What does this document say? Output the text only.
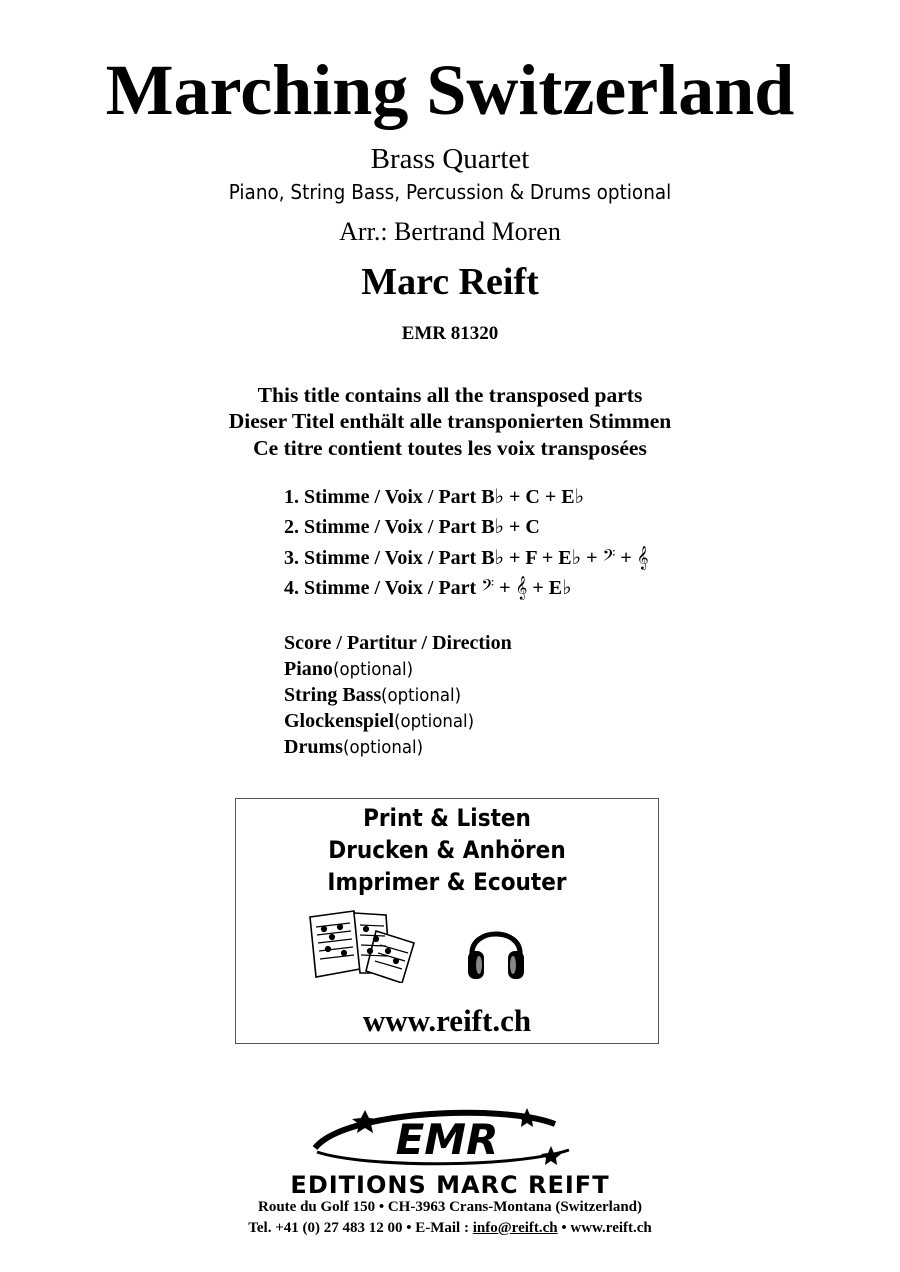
Marching Switzerland
Brass Quartet
Piano, String Bass, Percussion & Drums optional
Arr.: Bertrand Moren
Marc Reift
EMR 81320
This title contains all the transposed parts
Dieser Titel enthält alle transponierten Stimmen
Ce titre contient toutes les voix transposées
1. Stimme / Voix / Part B♭ + C + E♭
2. Stimme / Voix / Part B♭ + C
3. Stimme / Voix / Part B♭ + F + E♭ + 𝄢 + 𝄞
4. Stimme / Voix / Part 𝄢 + 𝄞 + E♭
Score / Partitur / Direction
Piano(optional)
String Bass(optional)
Glockenspiel(optional)
Drums(optional)
Print & Listen
Drucken & Anhören
Imprimer & Ecouter
www.reift.ch
EMR
EDITIONS MARC REIFT
Route du Golf 150 • CH-3963 Crans-Montana (Switzerland)
Tel. +41 (0) 27 483 12 00 • E-Mail : info@reift.ch • www.reift.ch
